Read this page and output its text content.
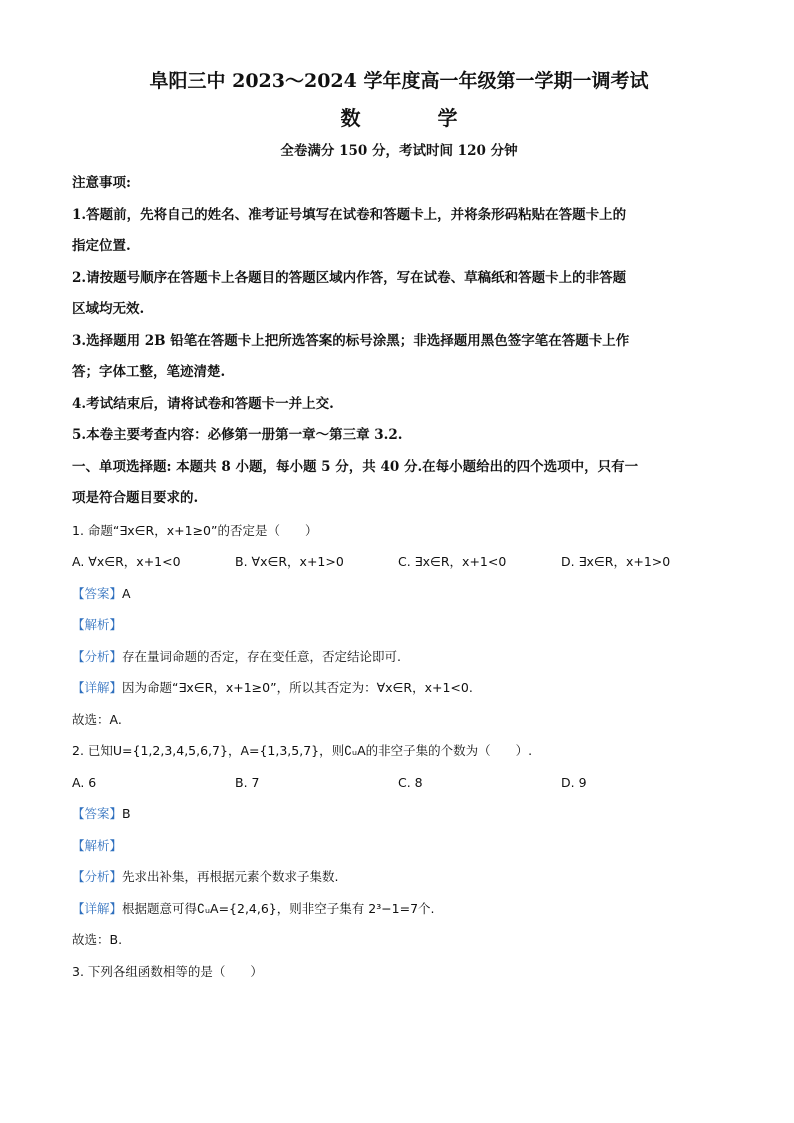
阜阳三中 2023～2024 学年度高一年级第一学期一调考试

数 学

全卷满分 150 分，考试时间 120 分钟

注意事项:

1.答题前，先将自己的姓名、准考证号填写在试卷和答题卡上，并将条形码粘贴在答题卡上的

指定位置.

2.请按题号顺序在答题卡上各题目的答题区域内作答，写在试卷、草稿纸和答题卡上的非答题

区域均无效.

3.选择题用 2B 铅笔在答题卡上把所选答案的标号涂黑；非选择题用黑色签字笔在答题卡上作

答；字体工整，笔迹清楚.

4.考试结束后，请将试卷和答题卡一并上交.

5.本卷主要考查内容：必修第一册第一章～第三章 3.2.

一、单项选择题: 本题共 8 小题，每小题 5 分，共 40 分.在每小题给出的四个选项中，只有一

项是符合题目要求的.

1. 命题“∃x∈R，x+1≥0”的否定是（　　）

A. ∀x∈R，x+1<0	B. ∀x∈R，x+1>0	C. ∃x∈R，x+1<0	D. ∃x∈R，x+1>0

【答案】A

【解析】

【分析】存在量词命题的否定，存在变任意，否定结论即可.

【详解】因为命题“∃x∈R，x+1≥0”，所以其否定为：∀x∈R，x+1<0.

故选：A.

2. 已知U={1,2,3,4,5,6,7}，A={1,3,5,7}，则∁ᵤA的非空子集的个数为（　　）.

A. 6	B. 7	C. 8	D. 9

【答案】B

【解析】

【分析】先求出补集，再根据元素个数求子集数.

【详解】根据题意可得∁ᵤA={2,4,6}，则非空子集有 2³−1=7个.

故选：B.

3. 下列各组函数相等的是（　　）
